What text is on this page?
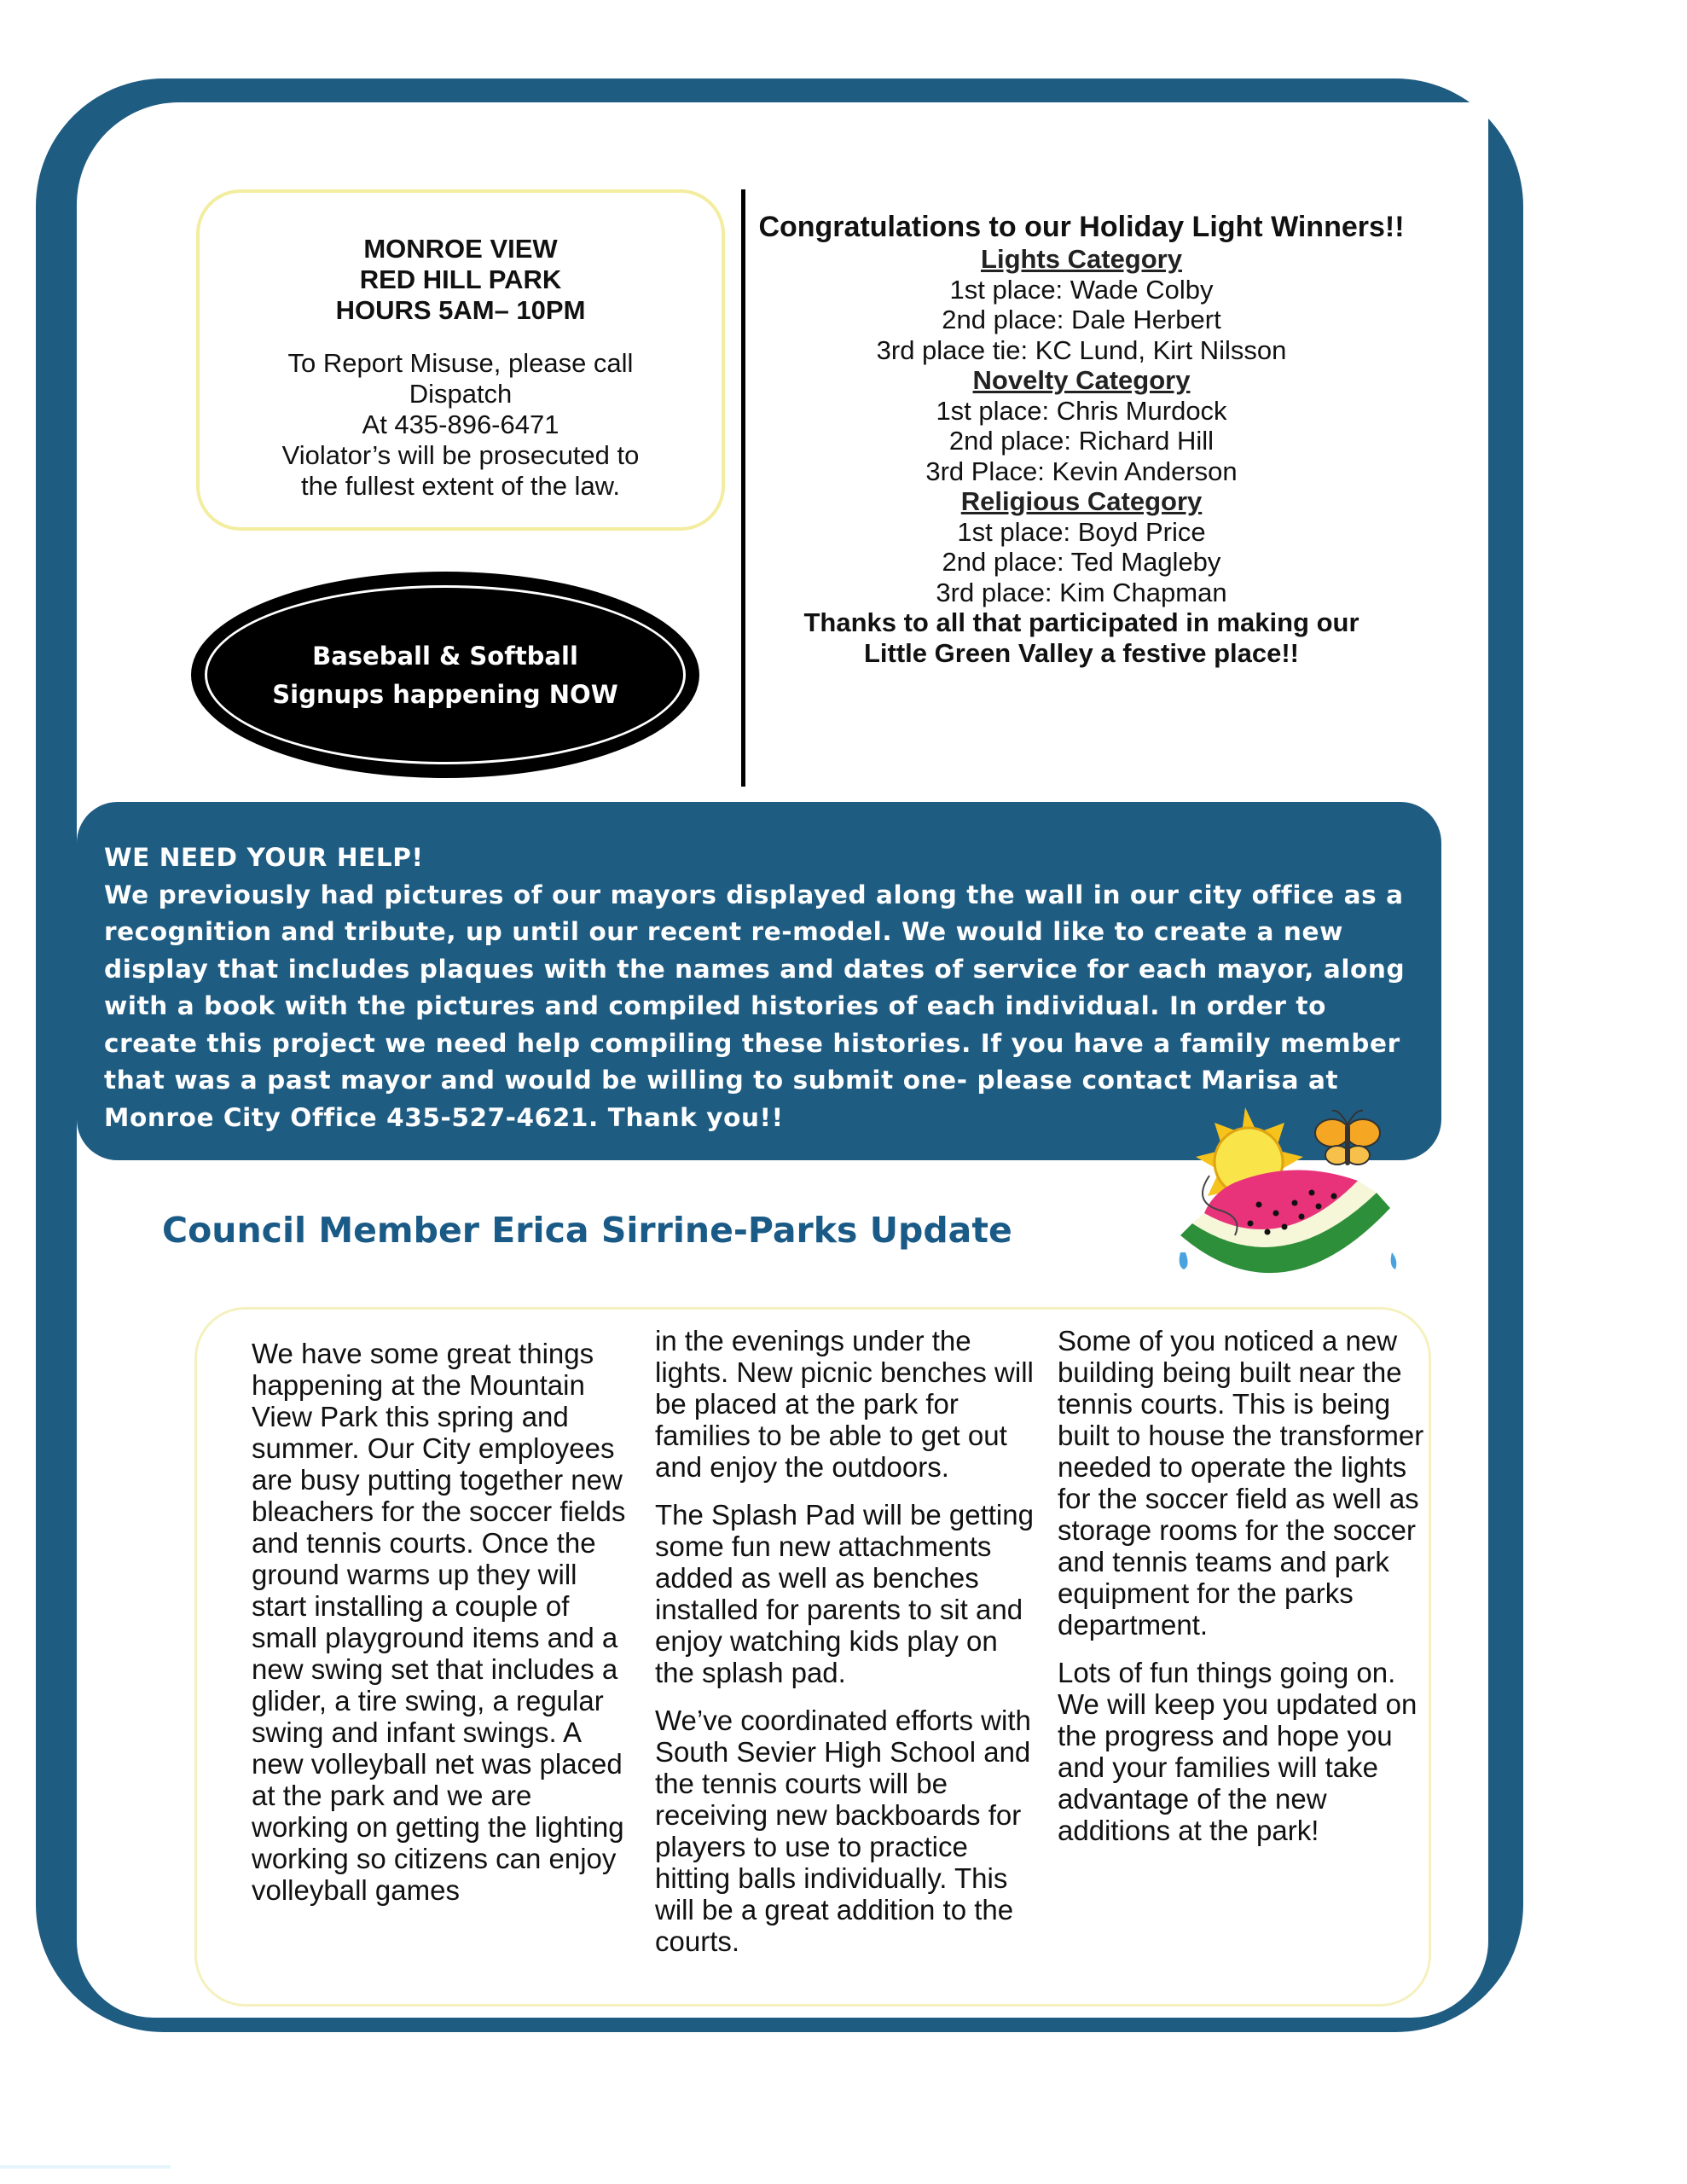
More City Happenings......
MONROE VIEW
RED HILL PARK
HOURS 5AM– 10PM
To Report Misuse, please call
Dispatch
At 435-896-6471
Violator’s will be prosecuted to
the fullest extent of the law.
Baseball & Softball
Signups happening NOW
Congratulations to our Holiday Light Winners!!
Lights Category
1st place: Wade Colby
2nd place: Dale Herbert
3rd place tie: KC Lund, Kirt Nilsson
Novelty Category
1st place: Chris Murdock
2nd place: Richard Hill
3rd Place: Kevin Anderson
Religious Category
1st place: Boyd Price
2nd place: Ted Magleby
3rd place: Kim Chapman
Thanks to all that participated in making our
Little Green Valley a festive place!!
WE NEED YOUR HELP!
We previously had pictures of our mayors displayed along the wall in our city office as a recognition and tribute, up until our recent re-model. We would like to create a new display that includes plaques with the names and dates of service for each mayor, along with a book with the pictures and compiled histories of each individual. In order to create this project we need help compiling these histories. If you have a family member that was a past mayor and would be willing to submit one- please contact Marisa at Monroe City Office 435-527-4621. Thank you!!
Council Member Erica Sirrine-Parks Update

We have some great things happening at the Mountain View Park this spring and summer. Our City employees are busy putting together new bleachers for the soccer fields and tennis courts. Once the ground warms up they will start installing a couple of small playground items and a new swing set that includes a glider, a tire swing, a regular swing and infant swings. A new volleyball net was placed at the park and we are working on getting the lighting working so citizens can enjoy volleyball games

in the evenings under the lights. New picnic benches will be placed at the park for families to be able to get out and enjoy the outdoors.

The Splash Pad will be getting some fun new attachments added as well as benches installed for parents to sit and enjoy watching kids play on the splash pad.

We’ve coordinated efforts with South Sevier High School and the tennis courts will be receiving new backboards for players to use to practice hitting balls individually. This will be a great addition to the courts.

Some of you noticed a new building being built near the tennis courts. This is being built to house the transformer needed to operate the lights for the soccer field as well as storage rooms for the soccer and tennis teams and park equipment for the parks department.

Lots of fun things going on. We will keep you updated on the progress and hope you and your families will take advantage of the new additions at the park!
